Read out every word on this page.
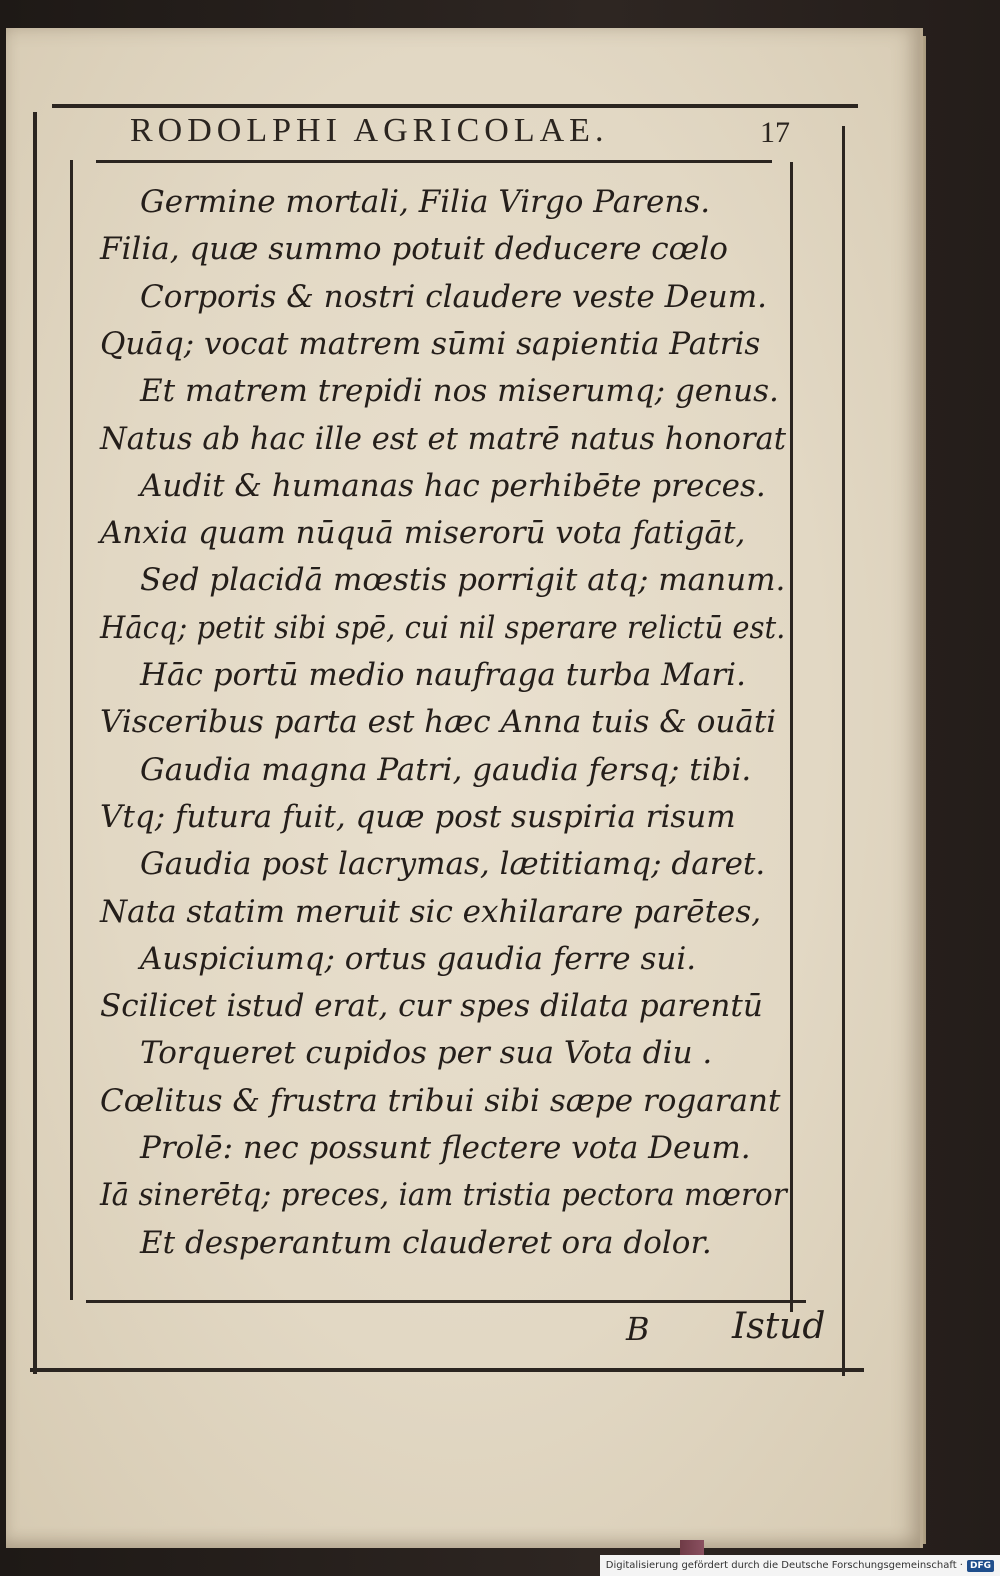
RODOLPHI AGRICOLAE.	17
Germine mortali, Filia Virgo Parens.
Filia, quæ summo potuit deducere cœlo
Corporis & nostri claudere veste Deum.
Quāq; vocat matrem sūmi sapientia Patris
Et matrem trepidi nos miserumq; genus.
Natus ab hac ille est et matrē natus honorat
Audit & humanas hac perhibēte preces.
Anxia quam nūquā miserorū vota fatigāt,
Sed placidā mœstis porrigit atq; manum.
Hācq; petit sibi spē, cui nil sperare relictū est.
Hāc portū medio naufraga turba Mari.
Visceribus parta est hæc Anna tuis & ouāti
Gaudia magna Patri, gaudia fersq; tibi.
Vtq; futura fuit, quæ post suspiria risum
Gaudia post lacrymas, lætitiamq; daret.
Nata statim meruit sic exhilarare parētes,
Auspiciumq; ortus gaudia ferre sui.
Scilicet istud erat, cur spes dilata parentū
Torqueret cupidos per sua Vota diu .
Cœlitus & frustra tribui sibi sæpe rogarant
Prolē: nec possunt flectere vota Deum.
Iā sinerētq; preces, iam tristia pectora mœror
Et desperantum clauderet ora dolor.
B Istud
Digitalisierung gefördert durch die Deutsche Forschungsgemeinschaft · DFG
